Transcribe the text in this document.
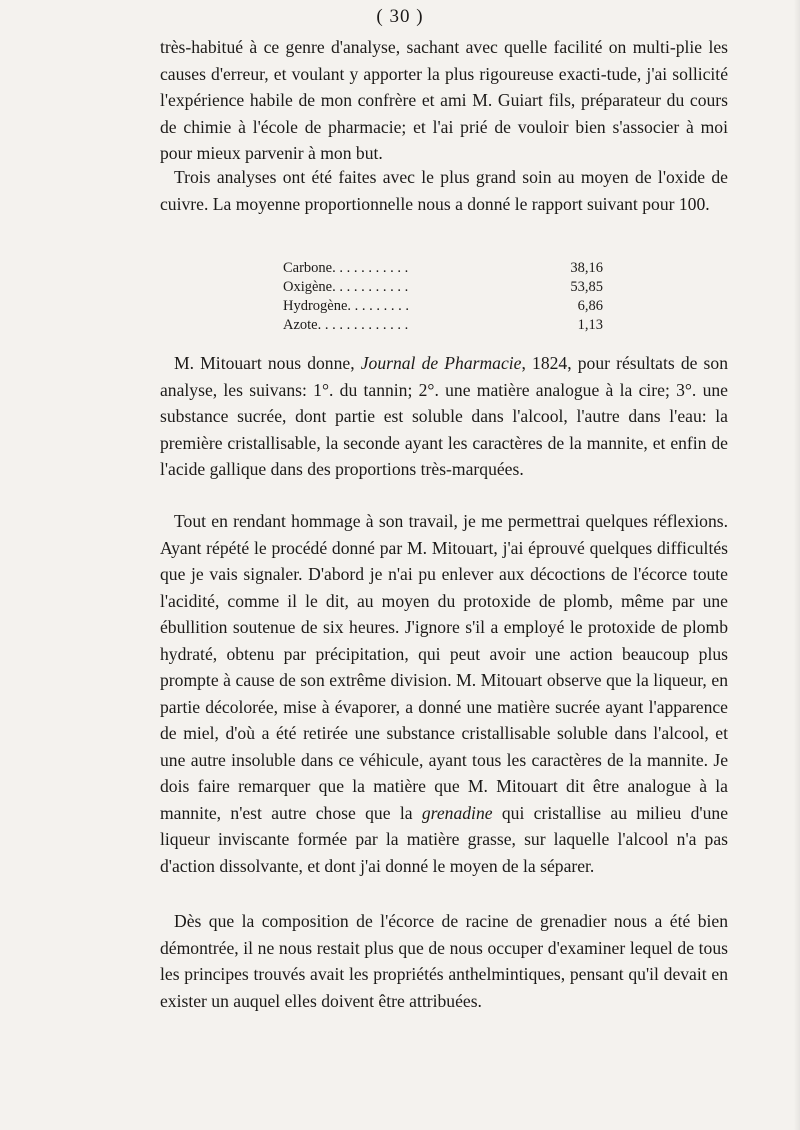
( 30 )

très-habitué à ce genre d'analyse, sachant avec quelle facilité on multi-plie les causes d'erreur, et voulant y apporter la plus rigoureuse exacti-tude, j'ai sollicité l'expérience habile de mon confrère et ami M. Guiart fils, préparateur du cours de chimie à l'école de pharmacie; et l'ai prié de vouloir bien s'associer à moi pour mieux parvenir à mon but.

Trois analyses ont été faites avec le plus grand soin au moyen de l'oxide de cuivre. La moyenne proportionnelle nous a donné le rapport suivant pour 100.

Carbone. . . . . . . . . . .	38,16
Oxigène. . . . . . . . . . .	53,85
Hydrogène. . . . . . . . .	6,86
Azote. . . . . . . . . . . . .	1,13

M. Mitouart nous donne, Journal de Pharmacie, 1824, pour résultats de son analyse, les suivans: 1°. du tannin; 2°. une matière analogue à la cire; 3°. une substance sucrée, dont partie est soluble dans l'alcool, l'autre dans l'eau: la première cristallisable, la seconde ayant les caractères de la mannite, et enfin de l'acide gallique dans des proportions très-marquées.

Tout en rendant hommage à son travail, je me permettrai quelques réflexions. Ayant répété le procédé donné par M. Mitouart, j'ai éprouvé quelques difficultés que je vais signaler. D'abord je n'ai pu enlever aux décoctions de l'écorce toute l'acidité, comme il le dit, au moyen du protoxide de plomb, même par une ébullition soutenue de six heures. J'ignore s'il a employé le protoxide de plomb hydraté, obtenu par précipitation, qui peut avoir une action beaucoup plus prompte à cause de son extrême division. M. Mitouart observe que la liqueur, en partie décolorée, mise à évaporer, a donné une matière sucrée ayant l'apparence de miel, d'où a été retirée une substance cristallisable soluble dans l'alcool, et une autre insoluble dans ce véhicule, ayant tous les caractères de la mannite. Je dois faire remarquer que la matière que M. Mitouart dit être analogue à la mannite, n'est autre chose que la grenadine qui cristallise au milieu d'une liqueur inviscante formée par la matière grasse, sur laquelle l'alcool n'a pas d'action dissolvante, et dont j'ai donné le moyen de la séparer.

Dès que la composition de l'écorce de racine de grenadier nous a été bien démontrée, il ne nous restait plus que de nous occuper d'examiner lequel de tous les principes trouvés avait les propriétés anthelmintiques, pensant qu'il devait en exister un auquel elles doivent être attribuées.
